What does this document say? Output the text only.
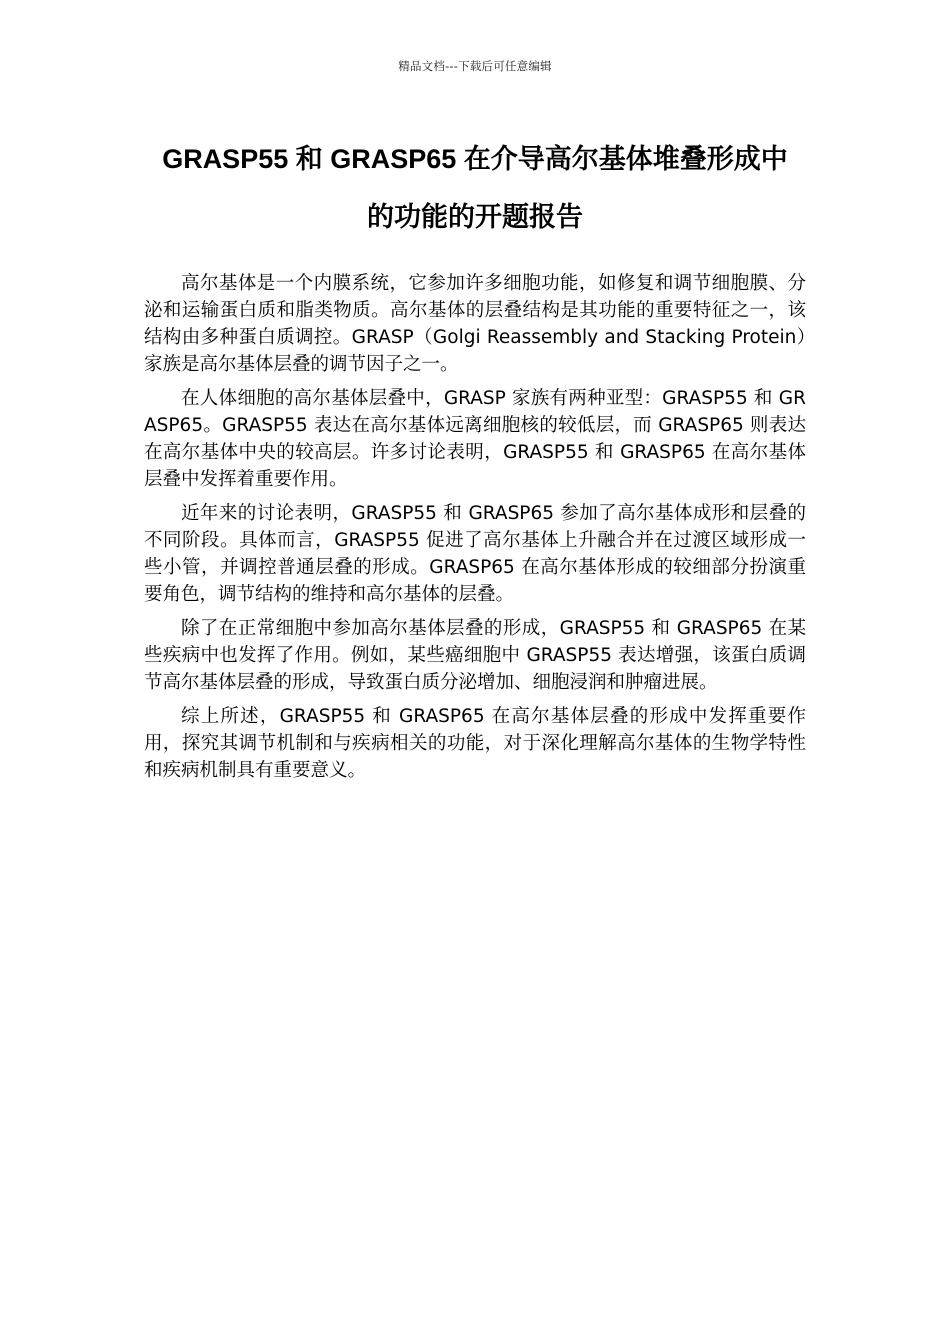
精品文档---下载后可任意编辑
GRASP55 和 GRASP65 在介导高尔基体堆叠形成中
的功能的开题报告

高尔基体是一个内膜系统，它参加许多细胞功能，如修复和调节细胞膜、分泌和运输蛋白质和脂类物质。高尔基体的层叠结构是其功能的重要特征之一，该结构由多种蛋白质调控。GRASP（Golgi Reassembly and Stacking Protein）家族是高尔基体层叠的调节因子之一。

在人体细胞的高尔基体层叠中，GRASP 家族有两种亚型：GRASP55 和 GRASP65。GRASP55 表达在高尔基体远离细胞核的较低层，而 GRASP65 则表达在高尔基体中央的较高层。许多讨论表明，GRASP55 和 GRASP65 在高尔基体层叠中发挥着重要作用。

近年来的讨论表明，GRASP55 和 GRASP65 参加了高尔基体成形和层叠的不同阶段。具体而言，GRASP55 促进了高尔基体上升融合并在过渡区域形成一些小管，并调控普通层叠的形成。GRASP65 在高尔基体形成的较细部分扮演重要角色，调节结构的维持和高尔基体的层叠。

除了在正常细胞中参加高尔基体层叠的形成，GRASP55 和 GRASP65 在某些疾病中也发挥了作用。例如，某些癌细胞中 GRASP55 表达增强，该蛋白质调节高尔基体层叠的形成，导致蛋白质分泌增加、细胞浸润和肿瘤进展。

综上所述，GRASP55 和 GRASP65 在高尔基体层叠的形成中发挥重要作用，探究其调节机制和与疾病相关的功能，对于深化理解高尔基体的生物学特性和疾病机制具有重要意义。
